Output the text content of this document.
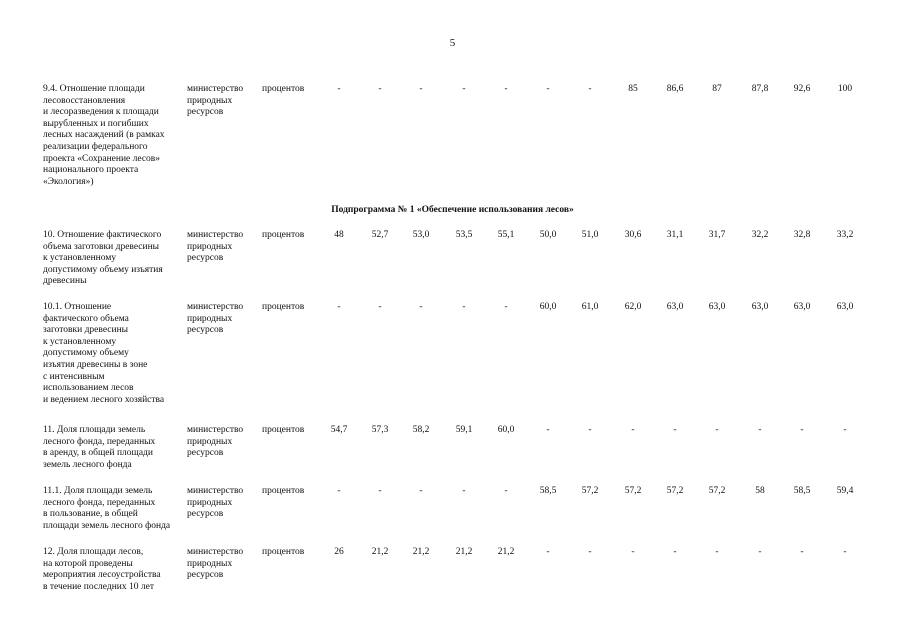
5
Подпрограмма № 1 «Обеспечение использования лесов»
9.4. Отношение площади
лесовосстановления
и лесоразведения к площади
вырубленных и погибших
лесных насаждений (в рамках
реализации федерального
проекта «Сохранение лесов»
национального проекта
«Экология»)
министерство
природных
ресурсов
процентов	-	-	-	-	-	-	-	85	86,6	87	87,8	92,6	100
10. Отношение фактического
объема заготовки древесины
к установленному
допустимому объему изъятия
древесины
министерство
природных
ресурсов
процентов	48	52,7	53,0	53,5	55,1	50,0	51,0	30,6	31,1	31,7	32,2	32,8	33,2
10.1. Отношение
фактического объема
заготовки древесины
к установленному
допустимому объему
изъятия древесины в зоне
с интенсивным
использованием лесов
и ведением лесного хозяйства
министерство
природных
ресурсов
процентов	-	-	-	-	-	60,0	61,0	62,0	63,0	63,0	63,0	63,0	63,0
11. Доля площади земель
лесного фонда, переданных
в аренду, в общей площади
земель лесного фонда
министерство
природных
ресурсов
процентов	54,7	57,3	58,2	59,1	60,0	-	-	-	-	-	-	-	-
11.1. Доля площади земель
лесного фонда, переданных
в пользование, в общей
площади земель лесного фонда
министерство
природных
ресурсов
процентов	-	-	-	-	-	58,5	57,2	57,2	57,2	57,2	58	58,5	59,4
12. Доля площади лесов,
на которой проведены
мероприятия лесоустройства
в течение последних 10 лет
министерство
природных
ресурсов
процентов	26	21,2	21,2	21,2	21,2	-	-	-	-	-	-	-	-
